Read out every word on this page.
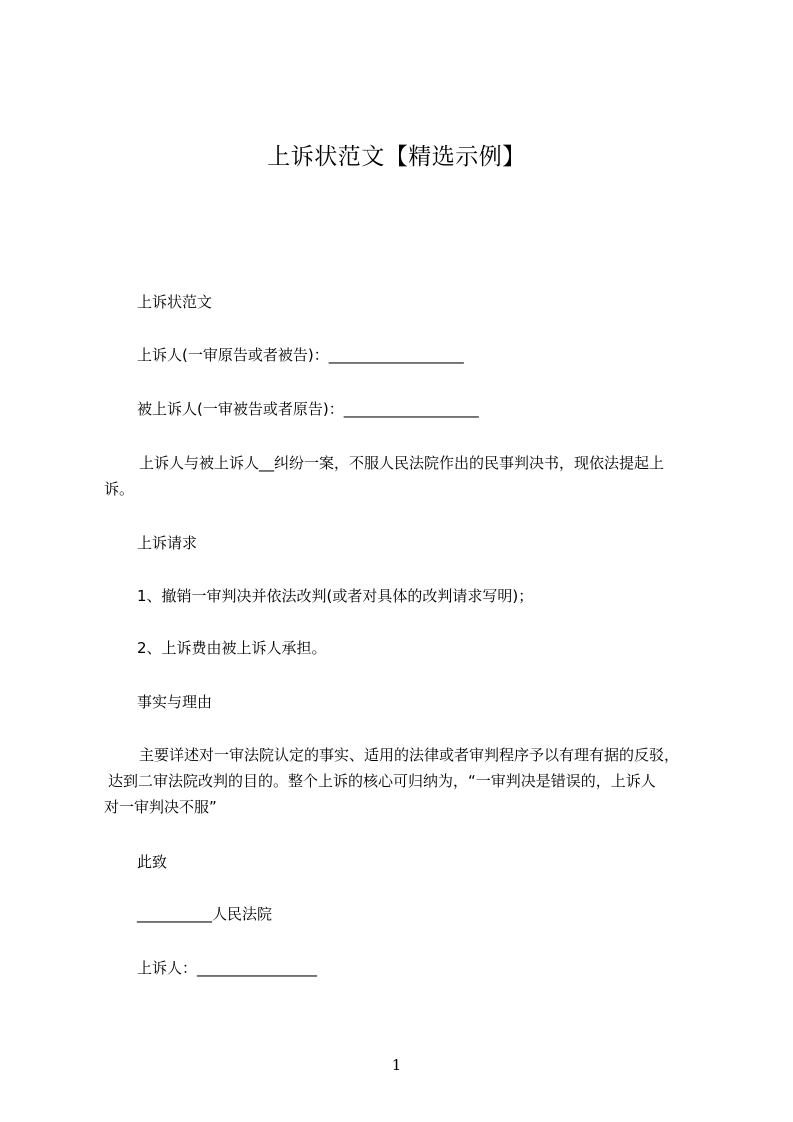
上诉状范文【精选示例】
上诉状范文
上诉人(一审原告或者被告)：__________________
被上诉人(一审被告或者原告)：__________________
上诉人与被上诉人__纠纷一案，不服人民法院作出的民事判决书，现依法提起上
诉。
上诉请求
1、撤销一审判决并依法改判(或者对具体的改判请求写明)；
2、上诉费由被上诉人承担。
事实与理由
主要详述对一审法院认定的事实、适用的法律或者审判程序予以有理有据的反驳，
达到二审法院改判的目的。整个上诉的核心可归纳为，“一审判决是错误的，上诉人
对一审判决不服”
此致
__________人民法院
上诉人：________________
1
